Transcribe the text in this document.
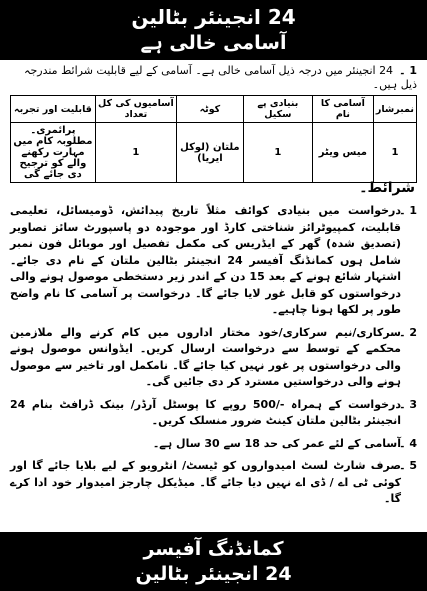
24 انجینئر بٹالین
آسامی خالی ہے
1 ۔24 انجینئر میں درجہ ذیل آسامی خالی ہے۔ آسامی کے لیے قابلیت شرائط مندرجہ ذیل ہیں۔
نمبرشار	آسامی کا نام	بنیادی پے سکیل	کوٹہ	آسامیوں کی کل تعداد	قابلیت اور تجربہ
1	میس ویٹر	1	ملتان (لوکل ایریا)	1	پرائمری۔ مطلوبہ کام میں مہارت رکھنے والے کو ترجیح دی جائے گی
شرائط۔
1 ۔
درخواست میں بنیادی کوائف مثلاً تاریخ پیدائش، ڈومیسائل، تعلیمی قابلیت، کمپیوٹرائز شناختی کارڈ اور موجودہ دو پاسپورٹ سائز تصاویر (تصدیق شدہ) گھر کے ایڈریس کی مکمل تفصیل اور موبائل فون نمبر شامل ہوں کمانڈنگ آفیسر 24 انجینئر بٹالین ملتان کے نام دی جائے۔ اشتہار شائع ہونے کے بعد 15 دن کے اندر زیر دستخطی موصول ہونے والی درخواستوں کو قابل غور لایا جائے گا۔ درخواست پر آسامی کا نام واضح طور پر لکھا ہونا چاہیے۔
2 ۔
سرکاری/نیم سرکاری/خود مختار اداروں میں کام کرنے والے ملازمین محکمے کے توسط سے درخواست ارسال کریں۔ ایڈوانس موصول ہونے والی درخواستوں پر غور نہیں کیا جائے گا۔ نامکمل اور تاخیر سے موصول ہونے والی درخواستیں مسترد کر دی جائیں گی۔
3 ۔
درخواست کے ہمراہ -/500 روپے کا پوسٹل آرڈر/ بینک ڈرافٹ بنام 24 انجینئر بٹالین ملتان کینٹ ضرور منسلک کریں۔
4 ۔
آسامی کے لئے عمر کی حد 18 سے 30 سال ہے۔
5 ۔
صرف شارٹ لسٹ امیدواروں کو ٹیسٹ/ انٹرویو کے لیے بلایا جائے گا اور کوئی ٹی اے / ڈی اے نہیں دیا جائے گا۔ میڈیکل چارجز امیدوار خود ادا کرے گا۔
کمانڈنگ آفیسر
24 انجینئر بٹالین
